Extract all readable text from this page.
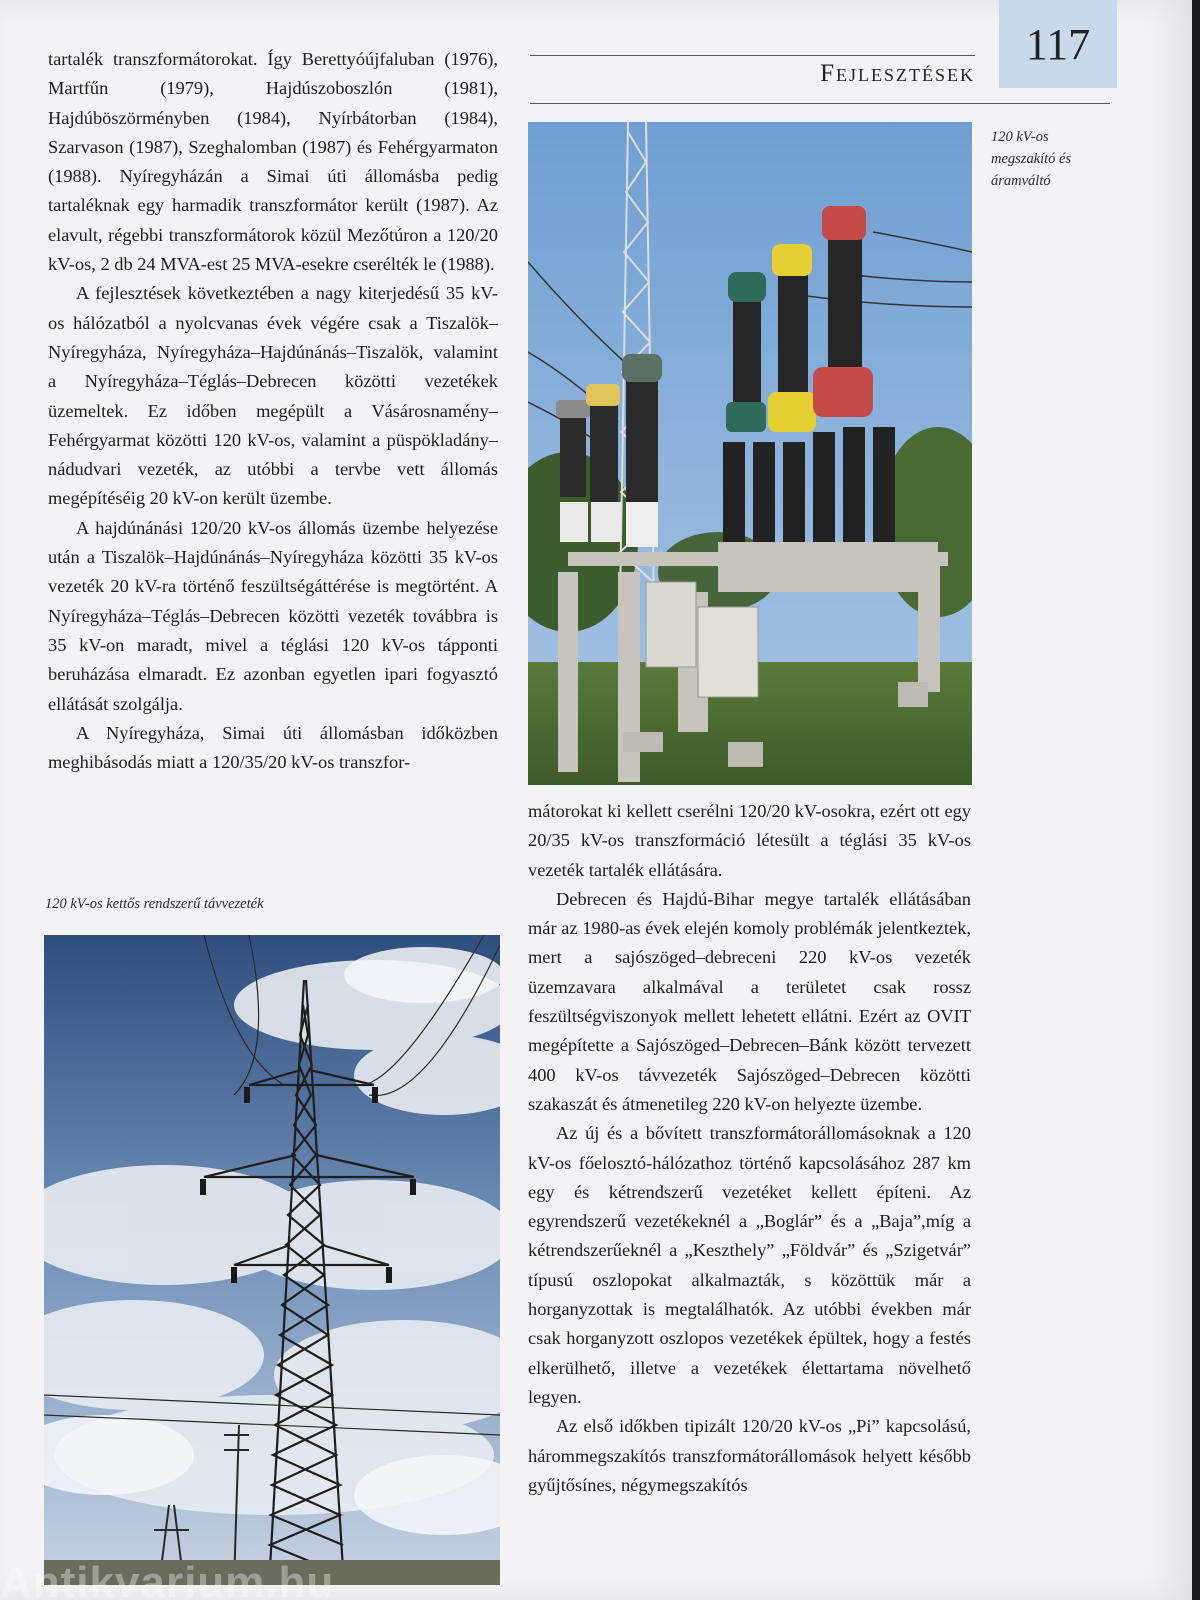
117
Fejlesztések

tartalék transzformátorokat. Így Berettyóújfaluban (1976), Martfűn (1979), Hajdúszoboszlón (1981), Hajdúböszörményben (1984), Nyírbátorban (1984), Szarvason (1987), Szeghalomban (1987) és Fehérgyarmaton (1988). Nyíregyházán a Simai úti állomásba pedig tartaléknak egy harmadik transzformátor került (1987). Az elavult, régebbi transzformátorok közül Mezőtúron a 120/20 kV-os, 2 db 24 MVA-est 25 MVA-esekre cserélték le (1988).

A fejlesztések következtében a nagy kiterjedésű 35 kV-os hálózatból a nyolcvanas évek végére csak a Tiszalök–Nyíregyháza, Nyíregyháza–Hajdúnánás–Tiszalök, valamint a Nyíregyháza–Téglás–Debrecen közötti vezetékek üzemeltek. Ez időben megépült a Vásárosnamény–Fehérgyarmat közötti 120 kV-os, valamint a püspökladány–nádudvari vezeték, az utóbbi a tervbe vett állomás megépítéséig 20 kV-on került üzembe.

A hajdúnánási 120/20 kV-os állomás üzembe helyezése után a Tiszalök–Hajdúnánás–Nyíregyháza közötti 35 kV-os vezeték 20 kV-ra történő feszültségáttérése is megtörtént. A Nyíregyháza–Téglás–Debrecen közötti vezeték továbbra is 35 kV-on maradt, mivel a téglási 120 kV-os tápponti beruházása elmaradt. Ez azonban egyetlen ipari fogyasztó ellátását szolgálja.

A Nyíregyháza, Simai úti állomásban időközben meghibásodás miatt a 120/35/20 kV-os transzfor-

120 kV-os megszakító és áramváltó
120 kV-os kettős rendszerű távvezeték

mátorokat ki kellett cserélni 120/20 kV-osokra, ezért ott egy 20/35 kV-os transzformáció létesült a téglási 35 kV-os vezeték tartalék ellátására.

Debrecen és Hajdú-Bihar megye tartalék ellátásában már az 1980-as évek elején komoly problémák jelentkeztek, mert a sajószöged–debreceni 220 kV-os vezeték üzemzavara alkalmával a területet csak rossz feszültségviszonyok mellett lehetett ellátni. Ezért az OVIT megépítette a Sajószöged–Debrecen–Bánk között tervezett 400 kV-os távvezeték Sajószöged–Debrecen közötti szakaszát és átmenetileg 220 kV-on helyezte üzembe.

Az új és a bővített transzformátorállomásoknak a 120 kV-os főelosztó-hálózathoz történő kapcsolásához 287 km egy és kétrendszerű vezetéket kellett építeni. Az egyrendszerű vezetékeknél a „Boglár” és a „Baja”,míg a kétrendszerűeknél a „Keszthely” „Földvár” és „Szigetvár” típusú oszlopokat alkalmazták, s közöttük már a horganyzottak is megtalálhatók. Az utóbbi években már csak horganyzott oszlopos vezetékek épültek, hogy a festés elkerülhető, illetve a vezetékek élettartama növelhető legyen.

Az első időkben tipizált 120/20 kV-os „Pi” kapcsolású, hárommegszakítós transzformátorállomások helyett később gyűjtősínes, négymegszakítós

Antikvarium.hu
